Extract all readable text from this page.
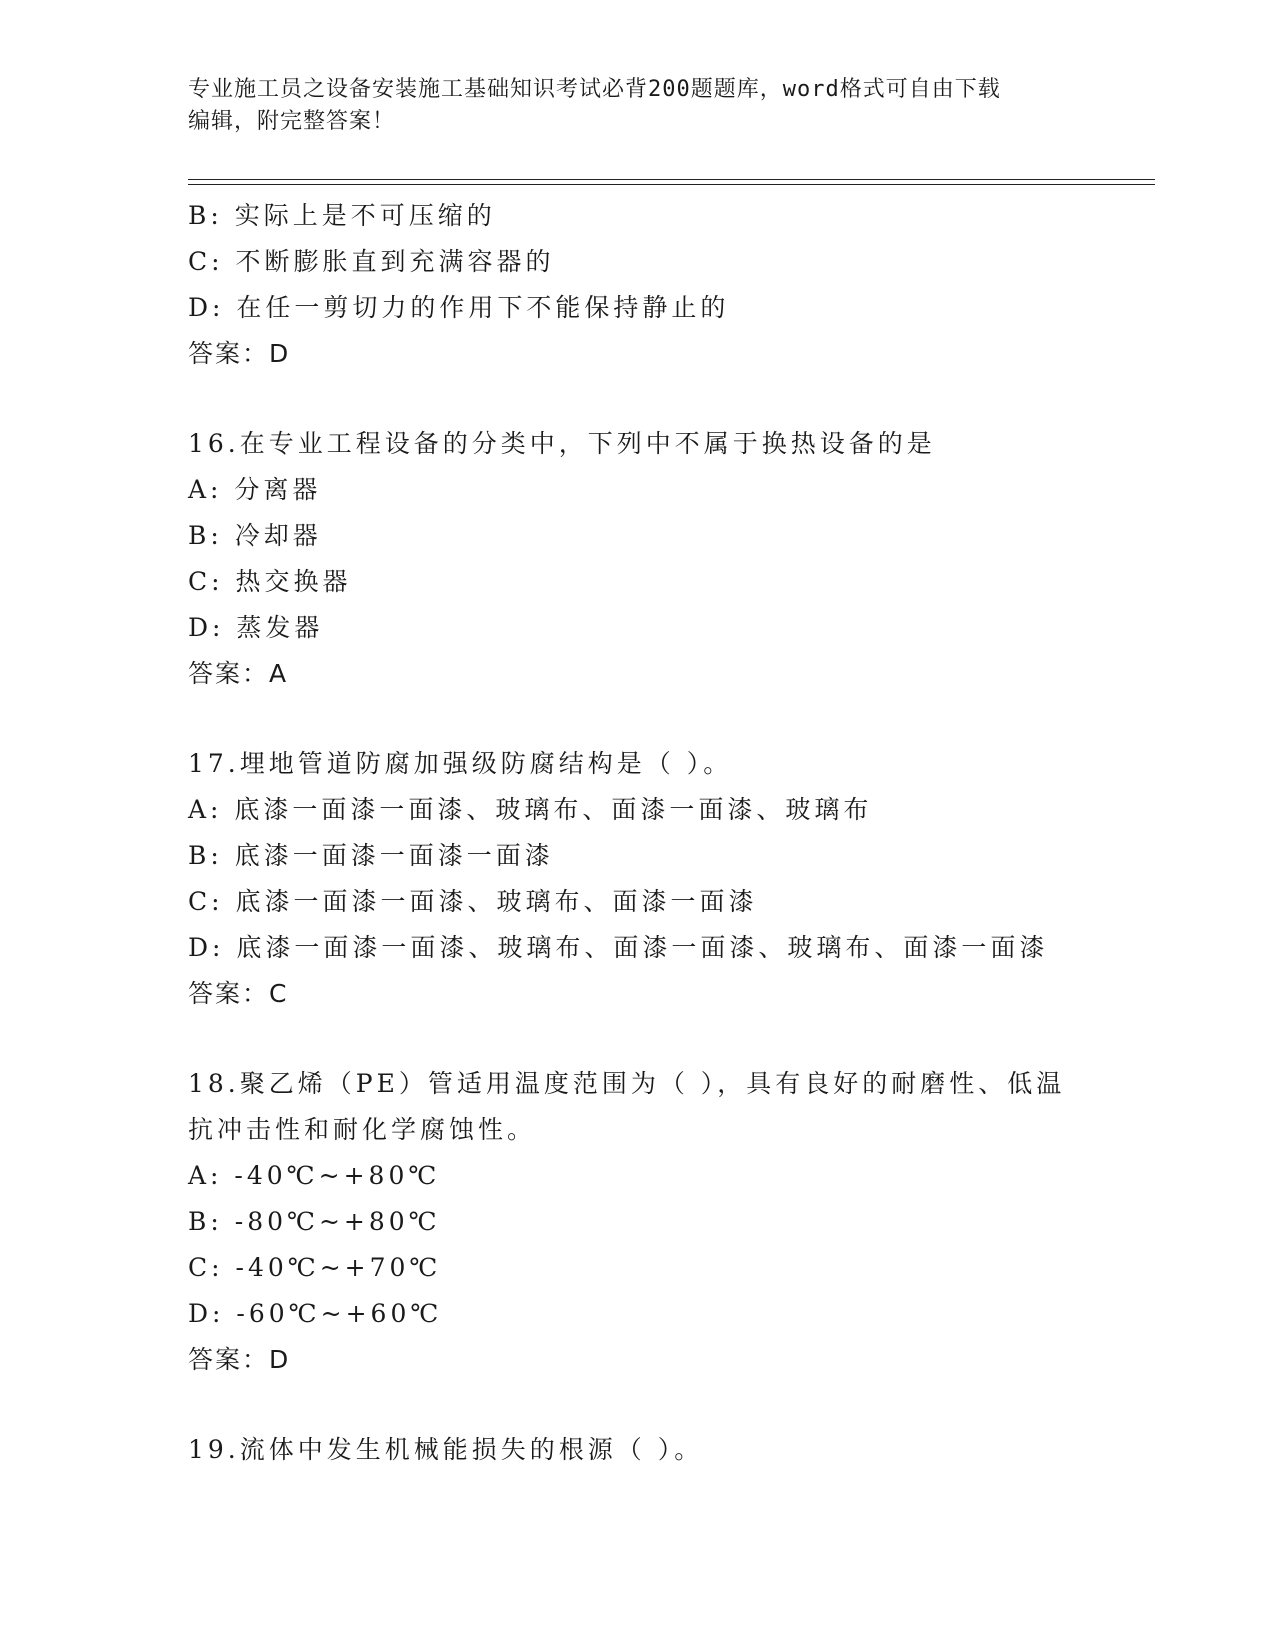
专业施工员之设备安装施工基础知识考试必背200题题库，word格式可自由下载
编辑，附完整答案！
B: 实际上是不可压缩的
C: 不断膨胀直到充满容器的
D: 在任一剪切力的作用下不能保持静止的
答案：D
16.在专业工程设备的分类中，下列中不属于换热设备的是
A: 分离器
B: 冷却器
C: 热交换器
D: 蒸发器
答案：A
17.埋地管道防腐加强级防腐结构是（ ）。
A: 底漆一面漆一面漆、玻璃布、面漆一面漆、玻璃布
B: 底漆一面漆一面漆一面漆
C: 底漆一面漆一面漆、玻璃布、面漆一面漆
D: 底漆一面漆一面漆、玻璃布、面漆一面漆、玻璃布、面漆一面漆
答案：C
18.聚乙烯（PE）管适用温度范围为（ ），具有良好的耐磨性、低温
抗冲击性和耐化学腐蚀性。
A: -40℃~+80℃
B: -80℃~+80℃
C: -40℃~+70℃
D: -60℃~+60℃
答案：D
19.流体中发生机械能损失的根源（ ）。
